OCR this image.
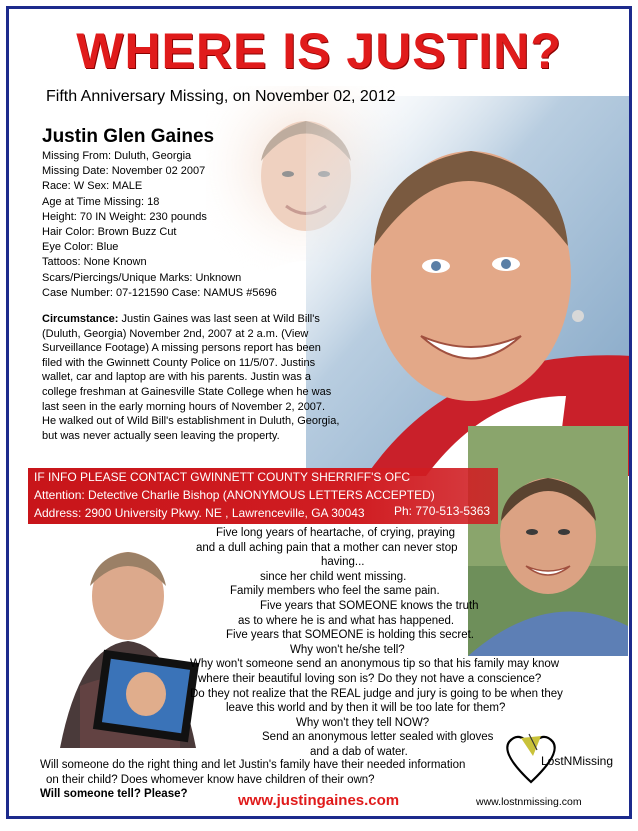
WHERE IS JUSTIN?
Fifth Anniversary Missing, on November 02, 2012
Justin Glen Gaines
Missing From: Duluth, Georgia
Missing Date: November 02 2007
Race: W Sex: MALE
Age at Time Missing: 18
Height: 70 IN Weight: 230 pounds
Hair Color: Brown Buzz Cut
Eye Color: Blue
Tattoos: None Known
Scars/Piercings/Unique Marks: Unknown
Case Number: 07-121590 Case: NAMUS #5696
Circumstance: Justin Gaines was last seen at Wild Bill's (Duluth, Georgia) November 2nd, 2007 at 2 a.m. (View Surveillance Footage) A missing persons report has been filed with the Gwinnett County Police on 11/5/07. Justins wallet, car and laptop are with his parents. Justin was a college freshman at Gainesville State College when he was last seen in the early morning hours of November 2, 2007. He walked out of Wild Bill's establishment in Duluth, Georgia, but was never actually seen leaving the property.
IF INFO PLEASE CONTACT GWINNETT COUNTY SHERRIFF'S OFC
Attention: Detective Charlie Bishop (ANONYMOUS LETTERS ACCEPTED)
Address: 2900 University Pkwy. NE , Lawrenceville, GA 30043	Ph: 770-513-5363
Five long years of heartache, of crying, praying
and a dull aching pain that a mother can never stop
having...
since her child went missing.
Family members who feel the same pain.
Five years that SOMEONE knows the truth
as to where he is and what has happened.
Five years that SOMEONE is holding this secret.
Why won't he/she tell?
Why won't someone send an anonymous tip so that his family may know
where their beautiful loving son is? Do they not have a conscience?
Do they not realize that the REAL judge and jury is going to be when they
leave this world and by then it will be too late for them?
Why won't they tell NOW?
Send an anonymous letter sealed with gloves
and a dab of water.
Will someone do the right thing and let Justin's family have their needed information
on their child? Does whomever know have children of their own?
Will someone tell? Please?	www.justingaines.com
LostNMissing
www.lostnmissing.com
